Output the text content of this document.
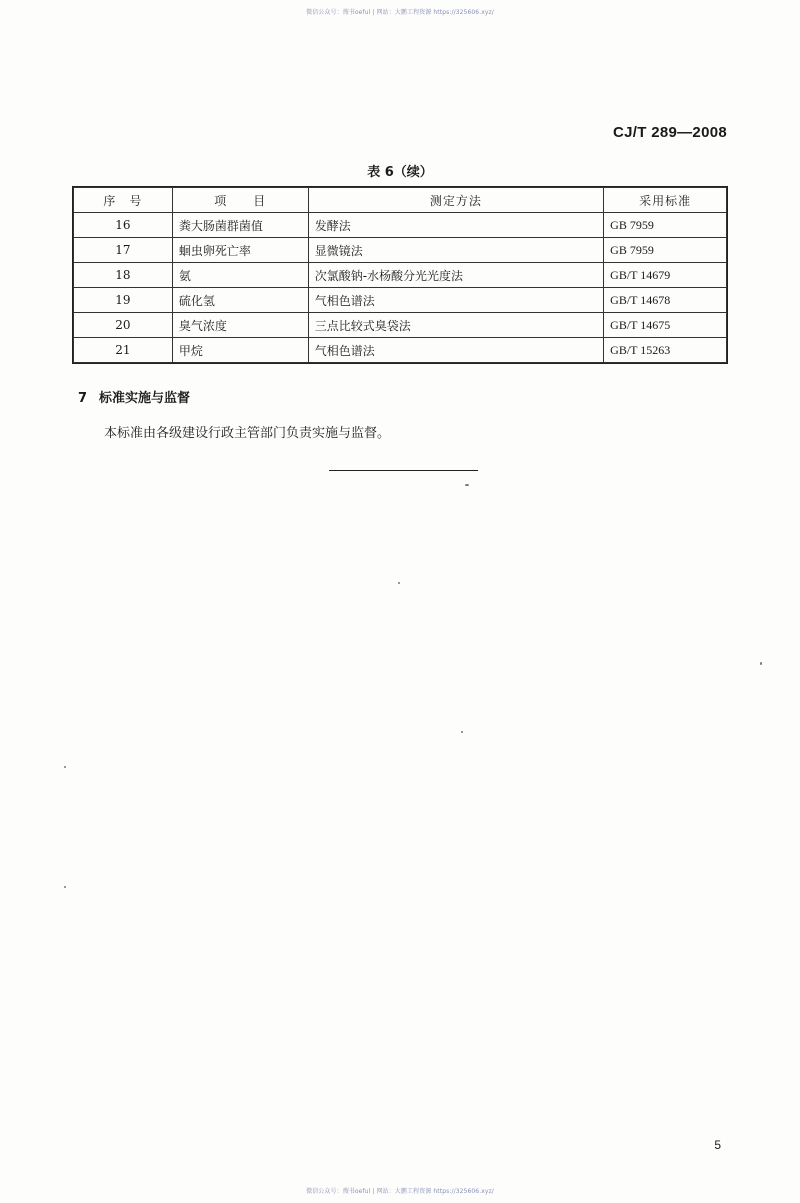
微信公众号：搜书oeful | 网站：大鹏工程资源 https://325606.xyz/
CJ/T 289—2008
表 6（续）
序　号	项　　目	测定方法	采用标准
16	粪大肠菌群菌值	发酵法	GB 7959
17	蛔虫卵死亡率	显微镜法	GB 7959
18	氨	次氯酸钠-水杨酸分光光度法	GB/T 14679
19	硫化氢	气相色谱法	GB/T 14678
20	臭气浓度	三点比较式臭袋法	GB/T 14675
21	甲烷	气相色谱法	GB/T 15263
7 标准实施与监督
本标准由各级建设行政主管部门负责实施与监督。
5
微信公众号：搜书oeful | 网站：大鹏工程资源 https://325606.xyz/
